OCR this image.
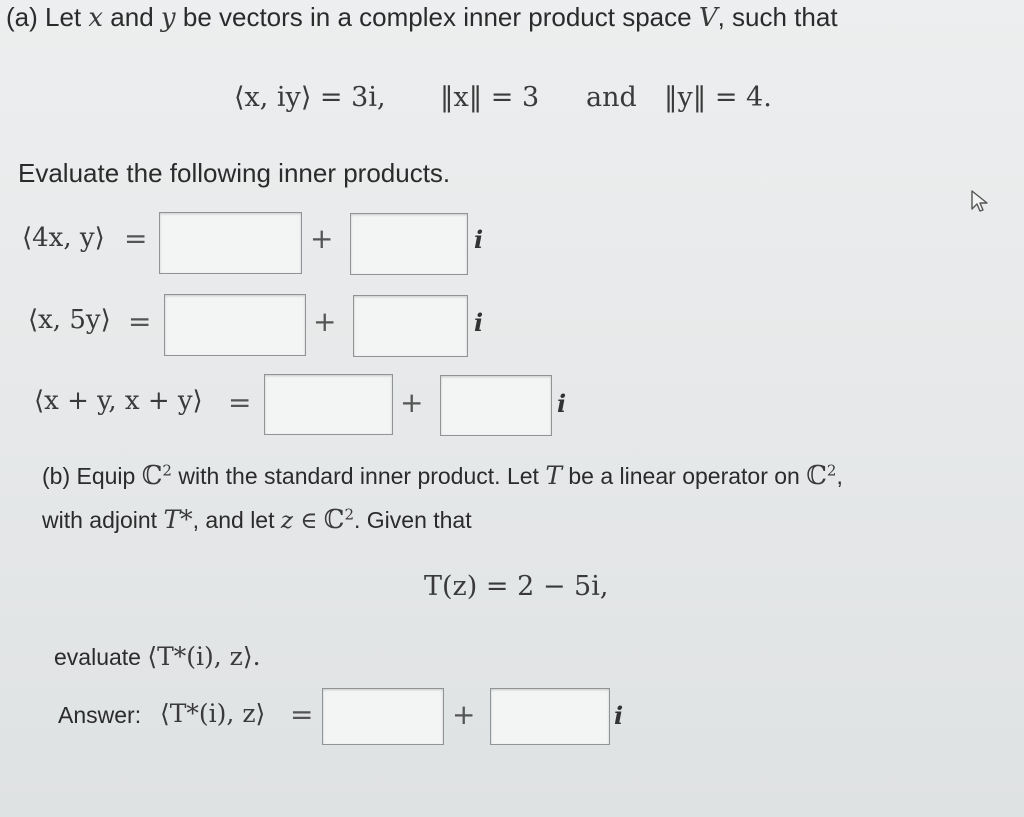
(a) Let x and y be vectors in a complex inner product space V, such that
⟨x, iy⟩ = 3i, ‖x‖ = 3 and ‖y‖ = 4.
Evaluate the following inner products.
⟨4x, y⟩ =	+	i
⟨x, 5y⟩ =	+	i
⟨x + y, x + y⟩ =	+	i
(b) Equip ℂ$^2$ with the standard inner product. Let T be a linear operator on ℂ$^2$,
with adjoint T*, and let z ∈ ℂ$^2$. Given that
T(z) = 2 − 5i,
evaluate ⟨T*(i), z⟩.
Answer: ⟨T*(i), z⟩ =	+	i
